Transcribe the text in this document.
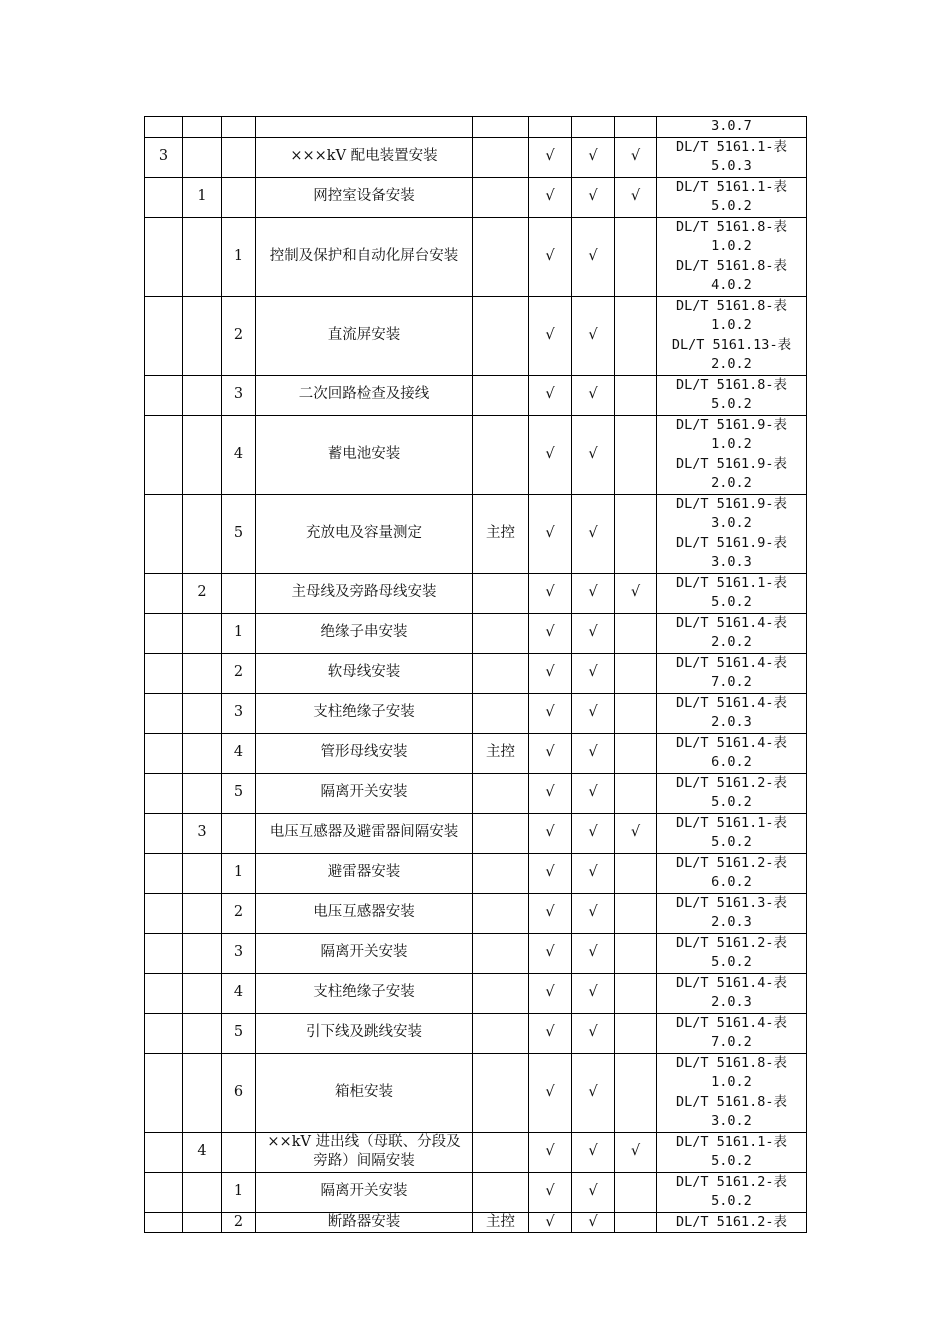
								3.0.7

3			×××kV 配电装置安装		√	√	√	DL/T 5161.1-表
5.0.3

	1		网控室设备安装		√	√	√	DL/T 5161.1-表
5.0.2

		1	控制及保护和自动化屏台安装		√	√		DL/T 5161.8-表
1.0.2
DL/T 5161.8-表
4.0.2

		2	直流屏安装		√	√		DL/T 5161.8-表
1.0.2
DL/T 5161.13-表
2.0.2

		3	二次回路检查及接线		√	√		DL/T 5161.8-表
5.0.2

		4	蓄电池安装		√	√		DL/T 5161.9-表
1.0.2
DL/T 5161.9-表
2.0.2

		5	充放电及容量测定	主控	√	√		DL/T 5161.9-表
3.0.2
DL/T 5161.9-表
3.0.3

	2		主母线及旁路母线安装		√	√	√	DL/T 5161.1-表
5.0.2

		1	绝缘子串安装		√	√		DL/T 5161.4-表
2.0.2

		2	软母线安装		√	√		DL/T 5161.4-表
7.0.2

		3	支柱绝缘子安装		√	√		DL/T 5161.4-表
2.0.3

		4	管形母线安装	主控	√	√		DL/T 5161.4-表
6.0.2

		5	隔离开关安装		√	√		DL/T 5161.2-表
5.0.2

	3		电压互感器及避雷器间隔安装		√	√	√	DL/T 5161.1-表
5.0.2

		1	避雷器安装		√	√		DL/T 5161.2-表
6.0.2

		2	电压互感器安装		√	√		DL/T 5161.3-表
2.0.3

		3	隔离开关安装		√	√		DL/T 5161.2-表
5.0.2

		4	支柱绝缘子安装		√	√		DL/T 5161.4-表
2.0.3

		5	引下线及跳线安装		√	√		DL/T 5161.4-表
7.0.2

		6	箱柜安装		√	√		DL/T 5161.8-表
1.0.2
DL/T 5161.8-表
3.0.2

	4		××kV 进出线（母联、分段及旁路）间隔安装		√	√	√	DL/T 5161.1-表
5.0.2

		1	隔离开关安装		√	√		DL/T 5161.2-表
5.0.2

		2	断路器安装	主控	√	√		DL/T 5161.2-表
